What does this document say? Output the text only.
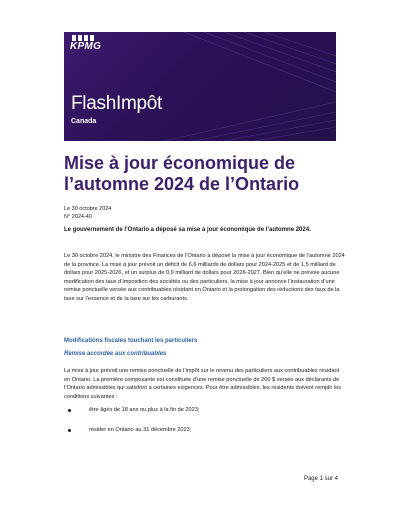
KPMG
FlashImpôt
Canada
Mise à jour économique de l’automne 2024 de l’Ontario
Le 30 octobre 2024
N° 2024-40

Le gouvernement de l’Ontario a déposé sa mise à jour économique de l’automne 2024.

Le 30 octobre 2024, le ministre des Finances de l’Ontario a déposé la mise à jour économique de l’automne 2024 de la province. La mise à jour prévoit un déficit de 6,6 milliards de dollars pour 2024-2025 et de 1,5 milliard de dollars pour 2025-2026, et un surplus de 0,9 milliard de dollars pour 2026-2027. Bien qu’elle ne prévoie aucune modification des taux d’imposition des sociétés ou des particuliers, la mise à jour annonce l’instauration d’une remise ponctuelle versée aux contribuables résidant en Ontario et la prolongation des réductions des taux de la taxe sur l’essence et de la taxe sur les carburants.

Modifications fiscales touchant les particuliers
Remise accordée aux contribuables

La mise à jour prévoit une remise ponctuelle de l’impôt sur le revenu des particuliers aux contribuables résidant en Ontario. La première composante est constituée d’une remise ponctuelle de 200 $ versée aux déclarants de l’Ontario admissibles qui satisfont à certaines exigences. Pour être admissibles, les résidents doivent remplir les conditions suivantes :

être âgés de 18 ans ou plus à la fin de 2023;
résider en Ontario au 31 décembre 2023;
Page 1 sur 4
